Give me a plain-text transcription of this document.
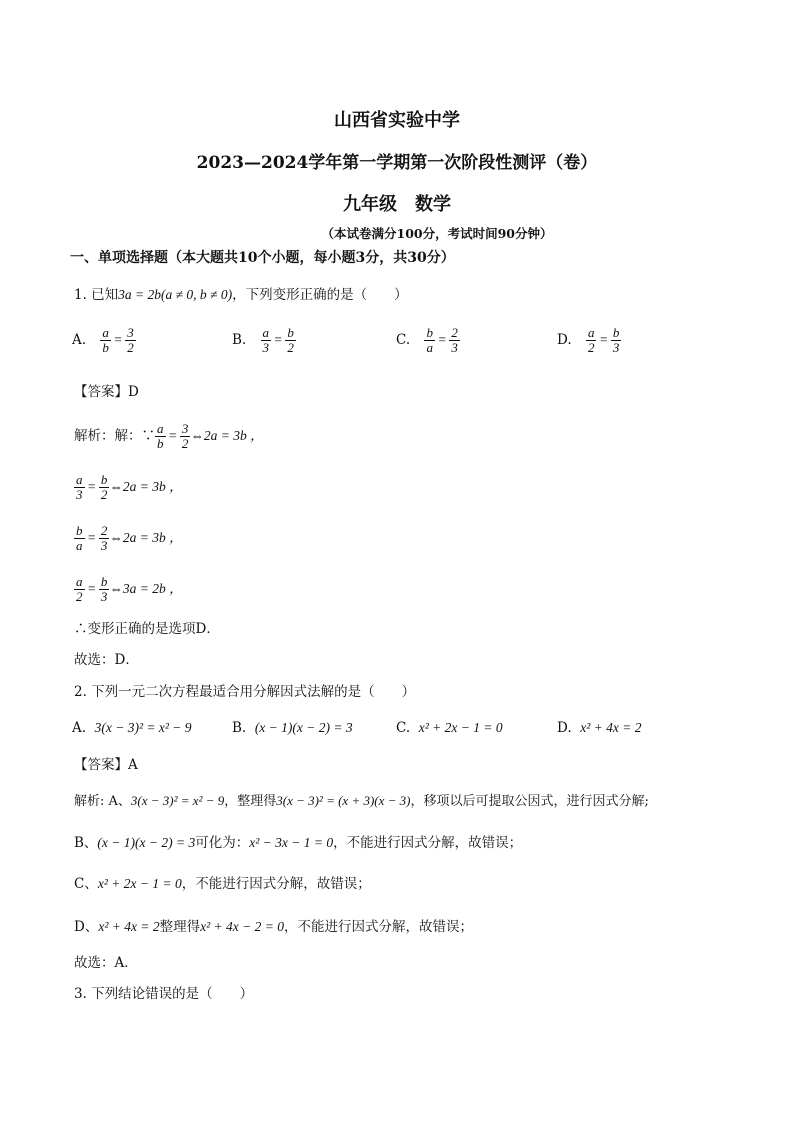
山西省实验中学
2023—2024学年第一学期第一次阶段性测评（卷）
九年级　数学
（本试卷满分100分，考试时间90分钟）
一、单项选择题（本大题共10个小题，每小题3分，共30分）
1. 已知3a = 2b(a ≠ 0, b ≠ 0)，下列变形正确的是（　　）
A. $\frac{a}{b} = \frac{3}{2}$	B. $\frac{a}{3} = \frac{b}{2}$	C. $\frac{b}{a} = \frac{2}{3}$	D. $\frac{a}{2} = \frac{b}{3}$
【答案】D
解析：解：∵ $\frac{a}{b} = \frac{3}{2}$ ⇔2a = 3b ，
$\frac{a}{3} = \frac{b}{2}$ ⇔2a = 3b ，
$\frac{b}{a} = \frac{2}{3}$ ⇔2a = 3b ，
$\frac{a}{2} = \frac{b}{3}$ ⇔3a = 2b ，
∴变形正确的是选项D．
故选：D．
2. 下列一元二次方程最适合用分解因式法解的是（　　）
A. 3(x − 3)² = x² − 9	B. (x − 1)(x − 2) = 3	C. x² + 2x − 1 = 0	D. x² + 4x = 2
【答案】A
解析: A、3(x − 3)² = x² − 9，整理得3(x − 3)² = (x + 3)(x − 3)，移项以后可提取公因式，进行因式分解;
B、(x − 1)(x − 2) = 3可化为：x² − 3x − 1 = 0，不能进行因式分解，故错误；
C、x² + 2x − 1 = 0，不能进行因式分解，故错误；
D、x² + 4x = 2整理得x² + 4x − 2 = 0，不能进行因式分解，故错误；
故选：A．
3. 下列结论错误的是（　　）
